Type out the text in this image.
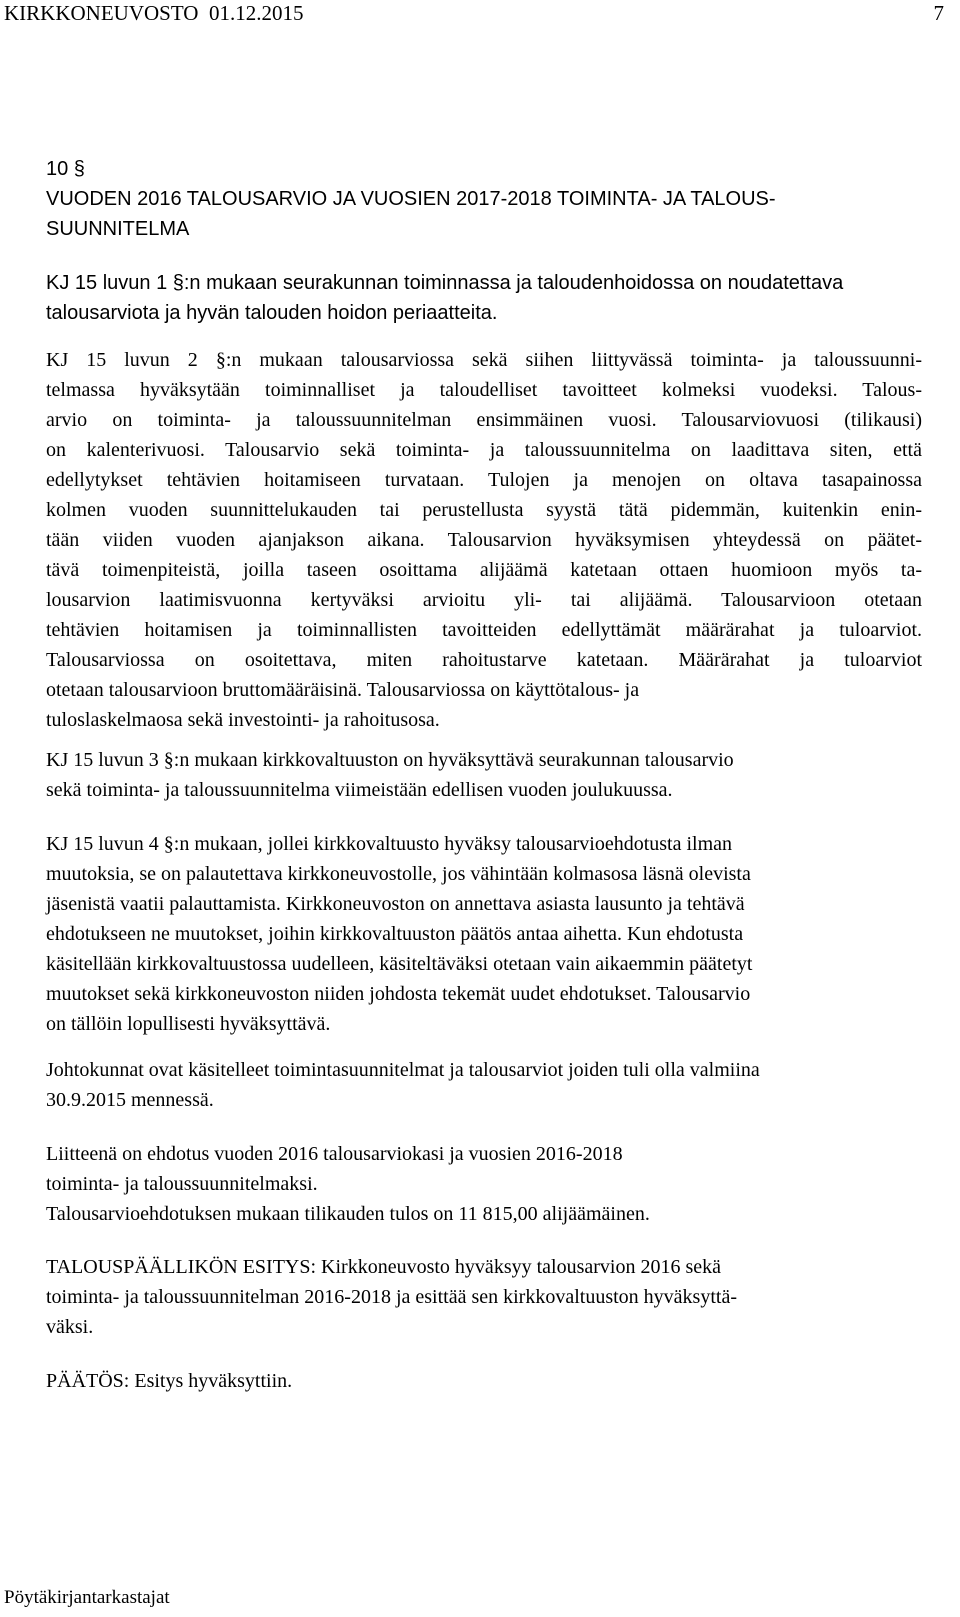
KIRKKONEUVOSTO  01.12.2015	7
10 §
VUODEN 2016 TALOUSARVIO JA VUOSIEN 2017-2018 TOIMINTA- JA TALOUS-
SUUNNITELMA
KJ 15 luvun 1 §:n mukaan seurakunnan toiminnassa ja taloudenhoidossa on noudatettava
talousarviota ja hyvän talouden hoidon periaatteita.
KJ 15 luvun 2 §:n mukaan talousarviossa sekä siihen liittyvässä toiminta- ja taloussuunni-
telmassa hyväksytään toiminnalliset ja taloudelliset tavoitteet kolmeksi vuodeksi. Talous-
arvio on toiminta- ja taloussuunnitelman ensimmäinen vuosi. Talousarviovuosi (tilikausi)
on kalenterivuosi. Talousarvio sekä toiminta- ja taloussuunnitelma on laadittava siten, että
edellytykset tehtävien hoitamiseen turvataan. Tulojen ja menojen on oltava tasapainossa
kolmen vuoden suunnittelukauden tai perustellusta syystä tätä pidemmän, kuitenkin enin-
tään viiden vuoden ajanjakson aikana. Talousarvion hyväksymisen yhteydessä on päätet-
tävä toimenpiteistä, joilla taseen osoittama alijäämä katetaan ottaen huomioon myös ta-
lousarvion laatimisvuonna kertyväksi arvioitu yli- tai alijäämä. Talousarvioon otetaan
tehtävien hoitamisen ja toiminnallisten tavoitteiden edellyttämät määrärahat ja tuloarviot.
Talousarviossa on osoitettava, miten rahoitustarve katetaan. Määrärahat ja tuloarviot
otetaan talousarvioon bruttomääräisinä. Talousarviossa on käyttötalous- ja
tuloslaskelmaosa sekä investointi- ja rahoitusosa.
KJ 15 luvun 3 §:n mukaan kirkkovaltuuston on hyväksyttävä seurakunnan talousarvio
sekä toiminta- ja taloussuunnitelma viimeistään edellisen vuoden joulukuussa.
KJ 15 luvun 4 §:n mukaan, jollei kirkkovaltuusto hyväksy talousarvioehdotusta ilman
muutoksia, se on palautettava kirkkoneuvostolle, jos vähintään kolmasosa läsnä olevista
jäsenistä vaatii palauttamista. Kirkkoneuvoston on annettava asiasta lausunto ja tehtävä
ehdotukseen ne muutokset, joihin kirkkovaltuuston päätös antaa aihetta. Kun ehdotusta
käsitellään kirkkovaltuustossa uudelleen, käsiteltäväksi otetaan vain aikaemmin päätetyt
muutokset sekä kirkkoneuvoston niiden johdosta tekemät uudet ehdotukset. Talousarvio
on tällöin lopullisesti hyväksyttävä.
Johtokunnat ovat käsitelleet toimintasuunnitelmat ja talousarviot joiden tuli olla valmiina
30.9.2015 mennessä.
Liitteenä on ehdotus vuoden 2016 talousarviokasi ja vuosien 2016-2018
toiminta- ja taloussuunnitelmaksi.
Talousarvioehdotuksen mukaan tilikauden tulos on 11 815,00 alijäämäinen.
TALOUSPÄÄLLIKÖN ESITYS: Kirkkoneuvosto hyväksyy talousarvion 2016 sekä
toiminta- ja taloussuunnitelman 2016-2018 ja esittää sen kirkkovaltuuston hyväksyttä-
väksi.
PÄÄTÖS: Esitys hyväksyttiin.
Pöytäkirjantarkastajat
